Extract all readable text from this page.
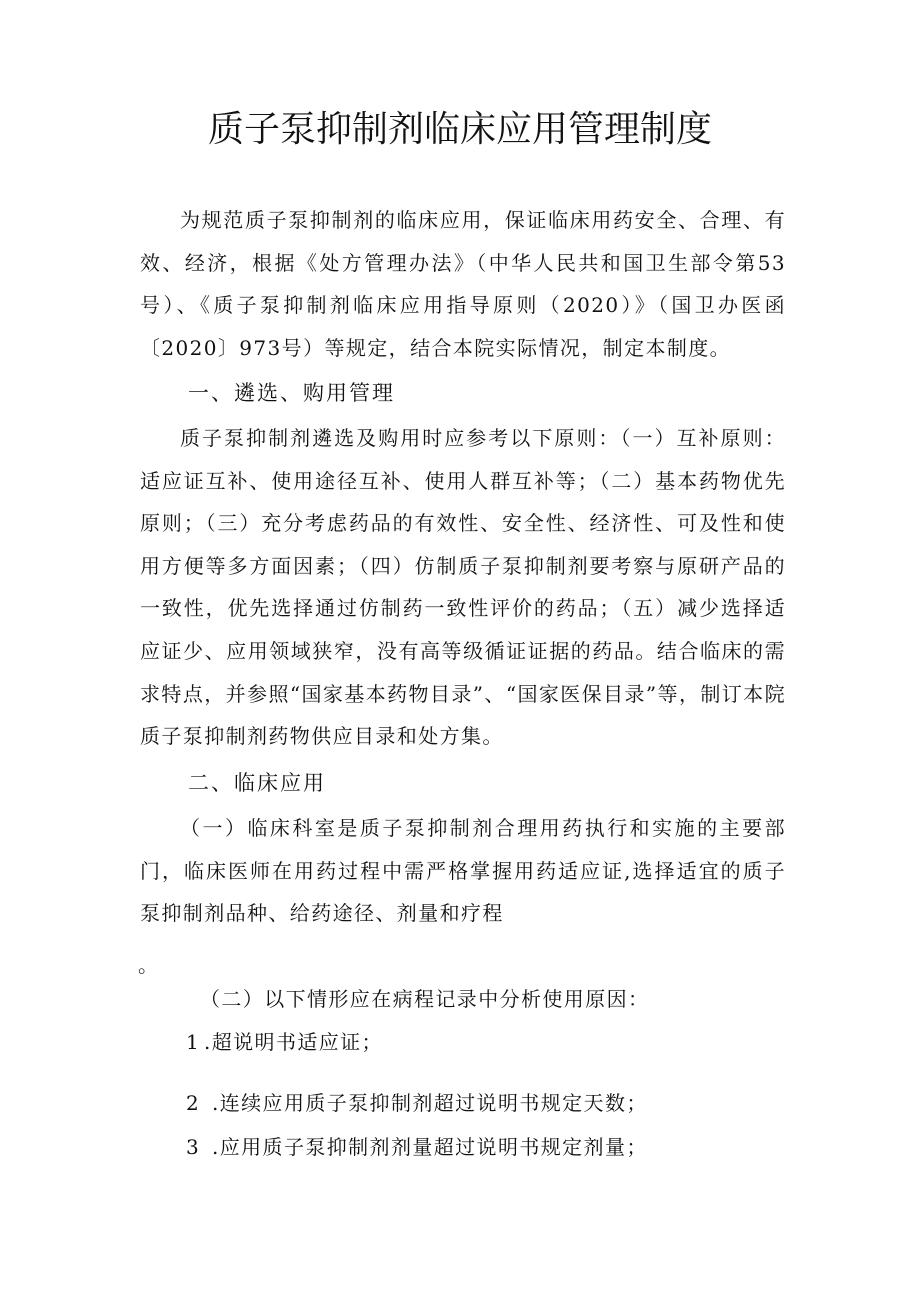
质子泵抑制剂临床应用管理制度

为规范质子泵抑制剂的临床应用，保证临床用药安全、合理、有效、经济，根据《处方管理办法》（中华人民共和国卫生部令第53号）、《质子泵抑制剂临床应用指导原则（2020）》（国卫办医函〔2020〕973号）等规定，结合本院实际情况，制定本制度。

一、遴选、购用管理

质子泵抑制剂遴选及购用时应参考以下原则：（一）互补原则：适应证互补、使用途径互补、使用人群互补等；（二）基本药物优先原则；（三）充分考虑药品的有效性、安全性、经济性、可及性和使用方便等多方面因素；（四）仿制质子泵抑制剂要考察与原研产品的一致性，优先选择通过仿制药一致性评价的药品；（五）减少选择适应证少、应用领域狭窄，没有高等级循证证据的药品。结合临床的需求特点，并参照“国家基本药物目录”、“国家医保目录”等，制订本院质子泵抑制剂药物供应目录和处方集。

二、临床应用

（一）临床科室是质子泵抑制剂合理用药执行和实施的主要部门，临床医师在用药过程中需严格掌握用药适应证,选择适宜的质子泵抑制剂品种、给药途径、剂量和疗程

。

（二）以下情形应在病程记录中分析使用原因：

1 .超说明书适应证；
2 .连续应用质子泵抑制剂超过说明书规定天数；
3 .应用质子泵抑制剂剂量超过说明书规定剂量；
